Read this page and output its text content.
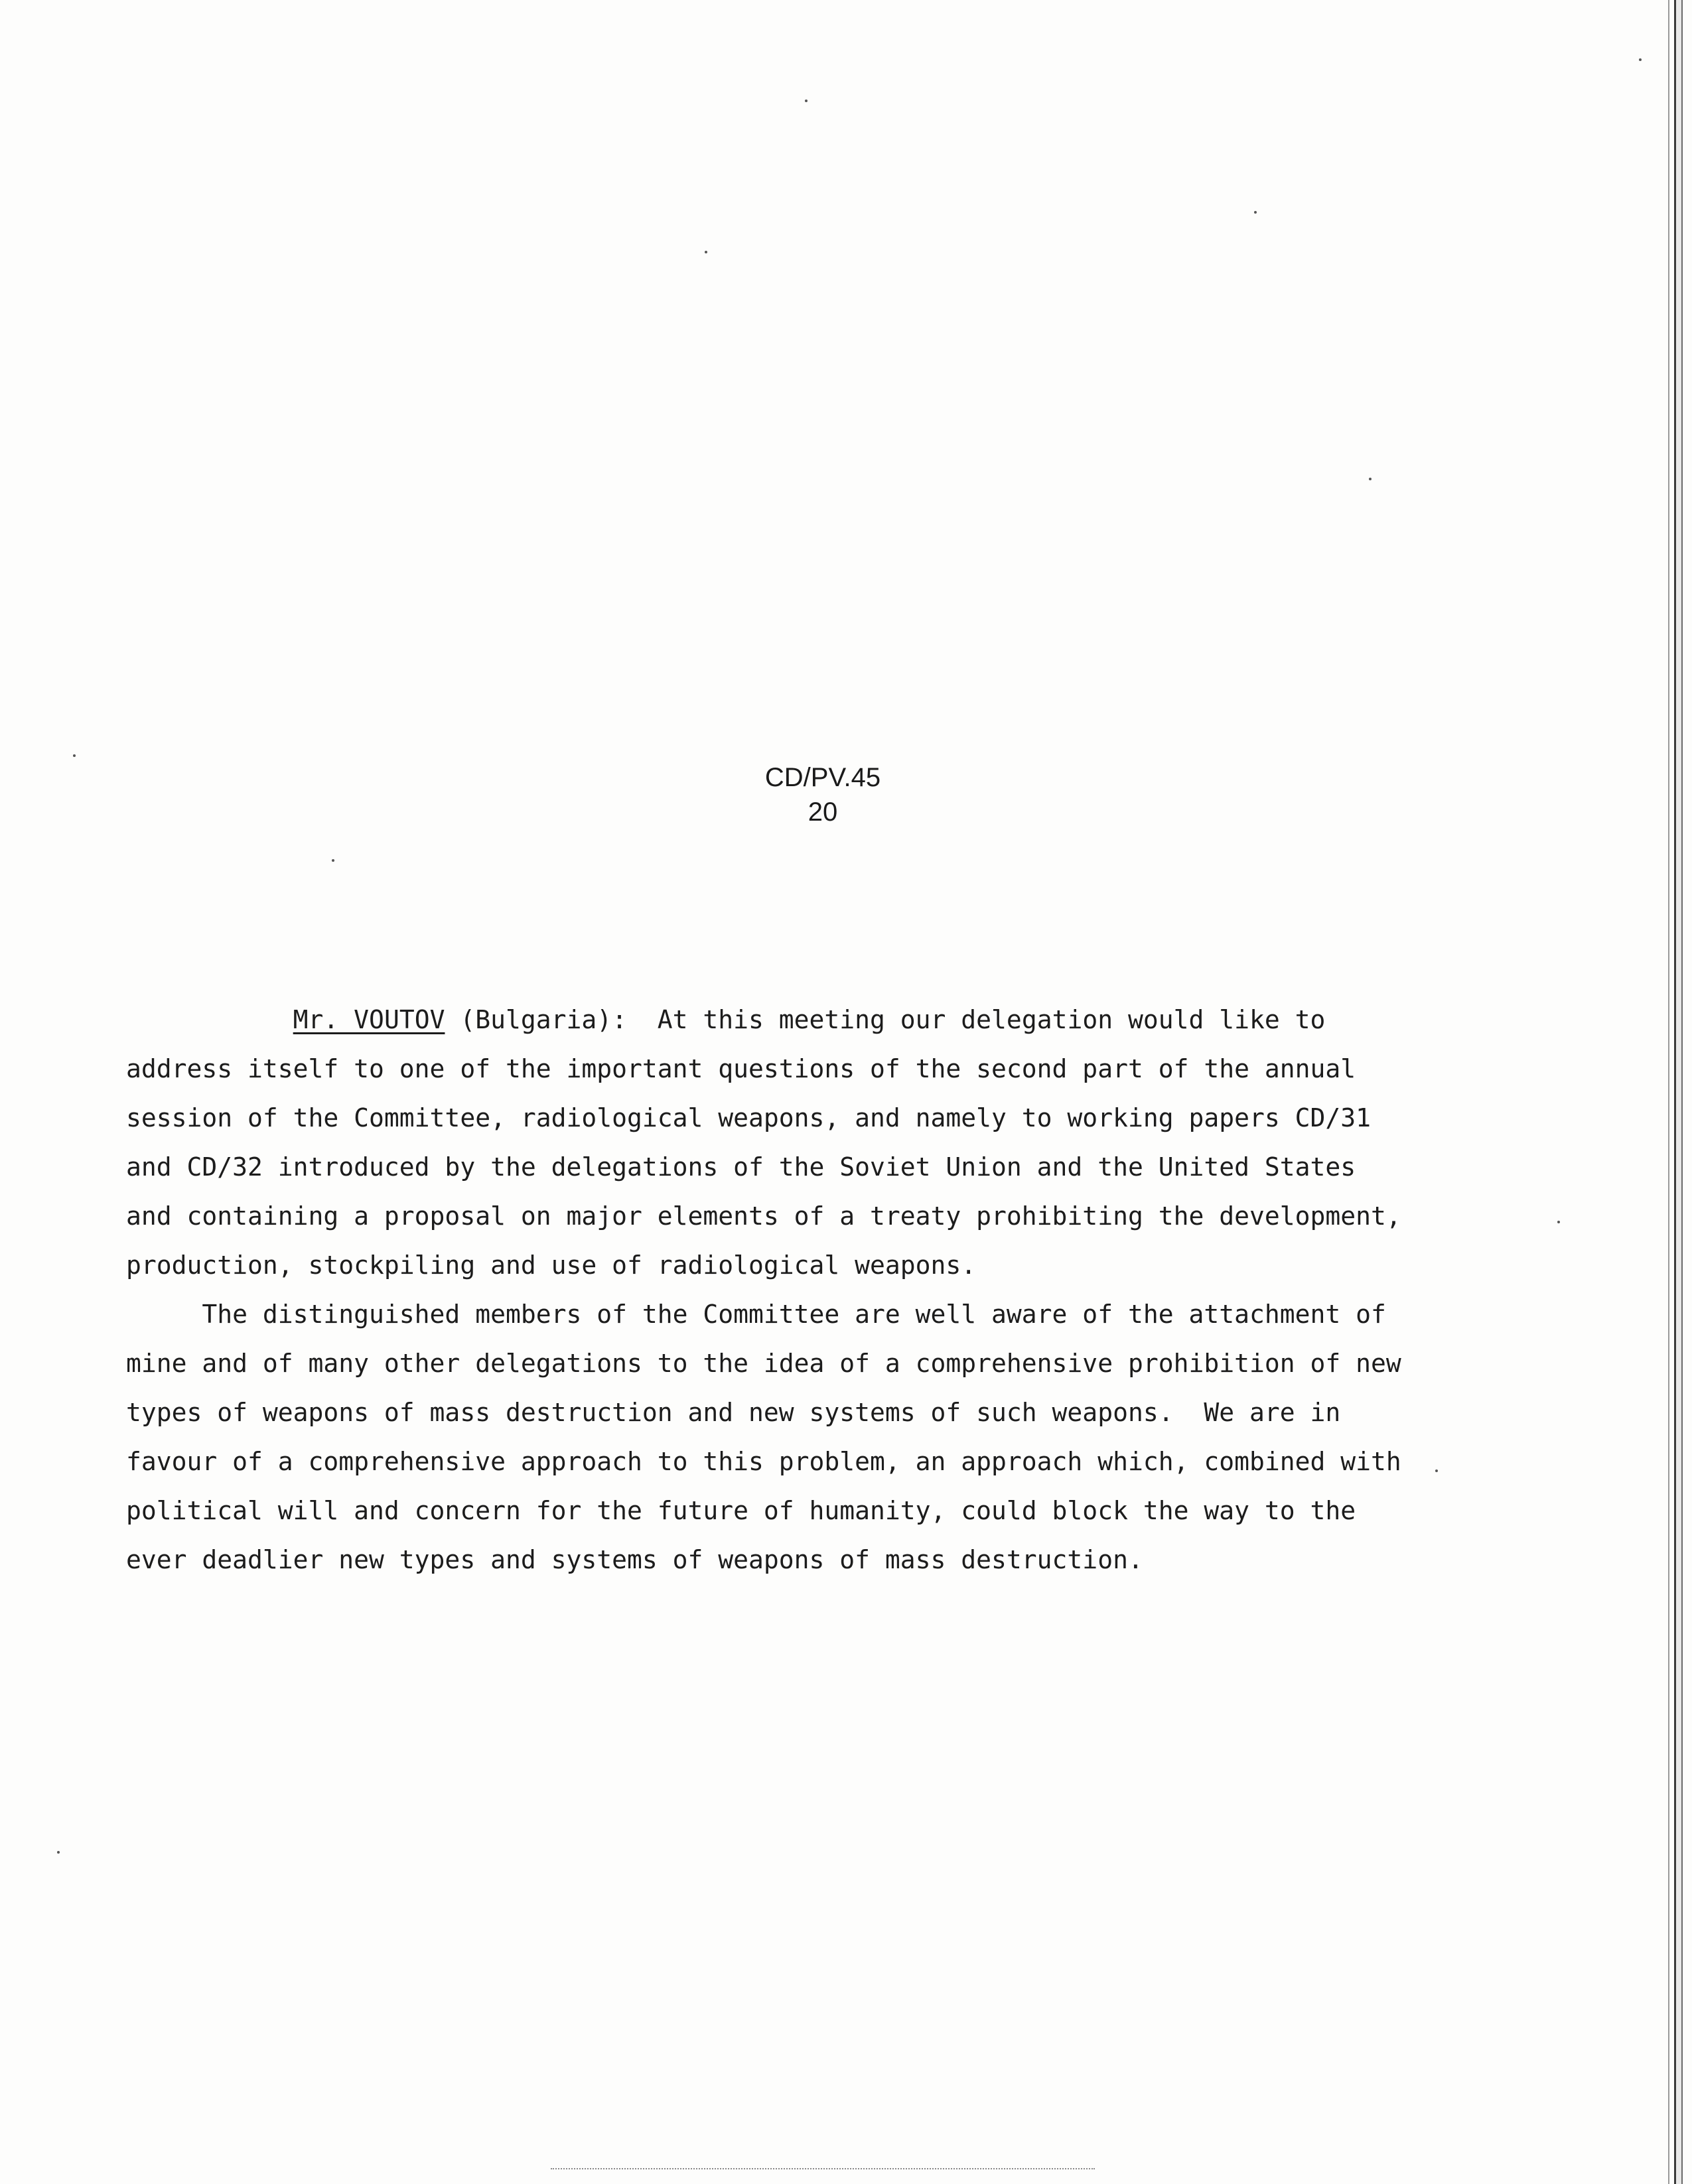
CD/PV.45
20
Mr. VOUTOV (Bulgaria):  At this meeting our delegation would like to
address itself to one of the important questions of the second part of the annual
session of the Committee, radiological weapons, and namely to working papers CD/31
and CD/32 introduced by the delegations of the Soviet Union and the United States
and containing a proposal on major elements of a treaty prohibiting the development,
production, stockpiling and use of radiological weapons.
The distinguished members of the Committee are well aware of the attachment of
mine and of many other delegations to the idea of a comprehensive prohibition of new
types of weapons of mass destruction and new systems of such weapons.  We are in
favour of a comprehensive approach to this problem, an approach which, combined with
political will and concern for the future of humanity, could block the way to the
ever deadlier new types and systems of weapons of mass destruction.
